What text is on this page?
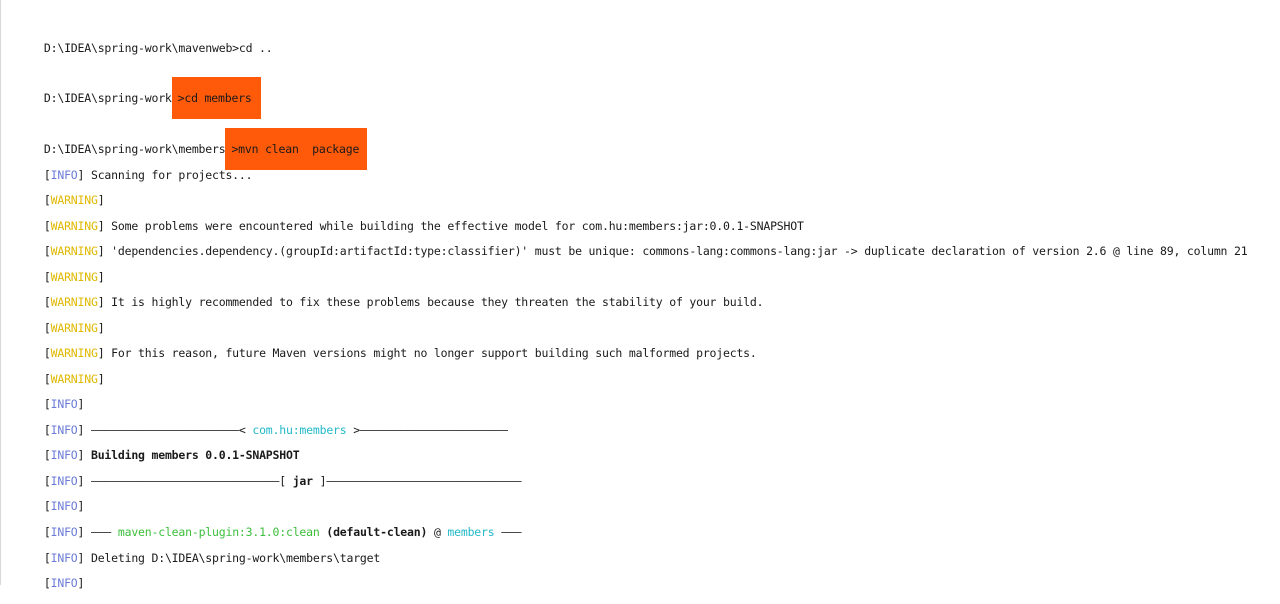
D:\IDEA\spring-work\mavenweb>cd ..

D:\IDEA\spring-work >cd members

D:\IDEA\spring-work\members >mvn clean  package

[INFO] Scanning for projects...

[WARNING]

[WARNING] Some problems were encountered while building the effective model for com.hu:members:jar:0.0.1-SNAPSHOT

[WARNING] 'dependencies.dependency.(groupId:artifactId:type:classifier)' must be unique: commons-lang:commons-lang:jar -> duplicate declaration of version 2.6 @ line 89, column 21

[WARNING]

[WARNING] It is highly recommended to fix these problems because they threaten the stability of your build.

[WARNING]

[WARNING] For this reason, future Maven versions might no longer support building such malformed projects.

[WARNING]

[INFO]

[INFO] ——————————————————————< com.hu:members >——————————————————————

[INFO] Building members 0.0.1-SNAPSHOT

[INFO] ————————————————————————————[ jar ]—————————————————————————————

[INFO]

[INFO] ——— maven-clean-plugin:3.1.0:clean (default-clean) @ members ———

[INFO] Deleting D:\IDEA\spring-work\members\target

[INFO]
